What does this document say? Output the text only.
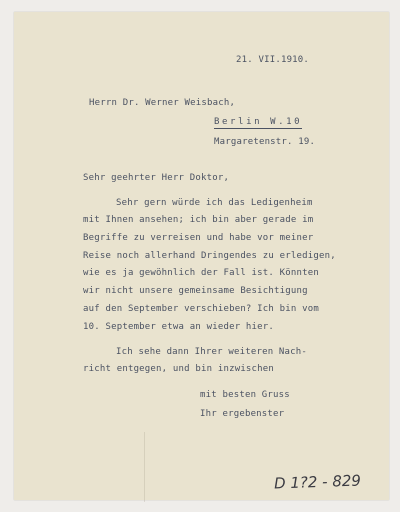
21. VII.1910.
Herrn Dr. Werner Weisbach,
Berlin W.10
Margaretenstr. 19.
Sehr geehrter Herr Doktor,
Sehr gern würde ich das Ledigenheim
mit Ihnen ansehen; ich bin aber gerade im
Begriffe zu verreisen und habe vor meiner
Reise noch allerhand Dringendes zu erledigen,
wie es ja gewöhnlich der Fall ist. Könnten
wir nicht unsere gemeinsame Besichtigung
auf den September verschieben? Ich bin vom
10. September etwa an wieder hier.
Ich sehe dann Ihrer weiteren Nach-
richt entgegen, und bin inzwischen
mit besten Gruss
Ihr ergebenster
D 1?2 - 829
